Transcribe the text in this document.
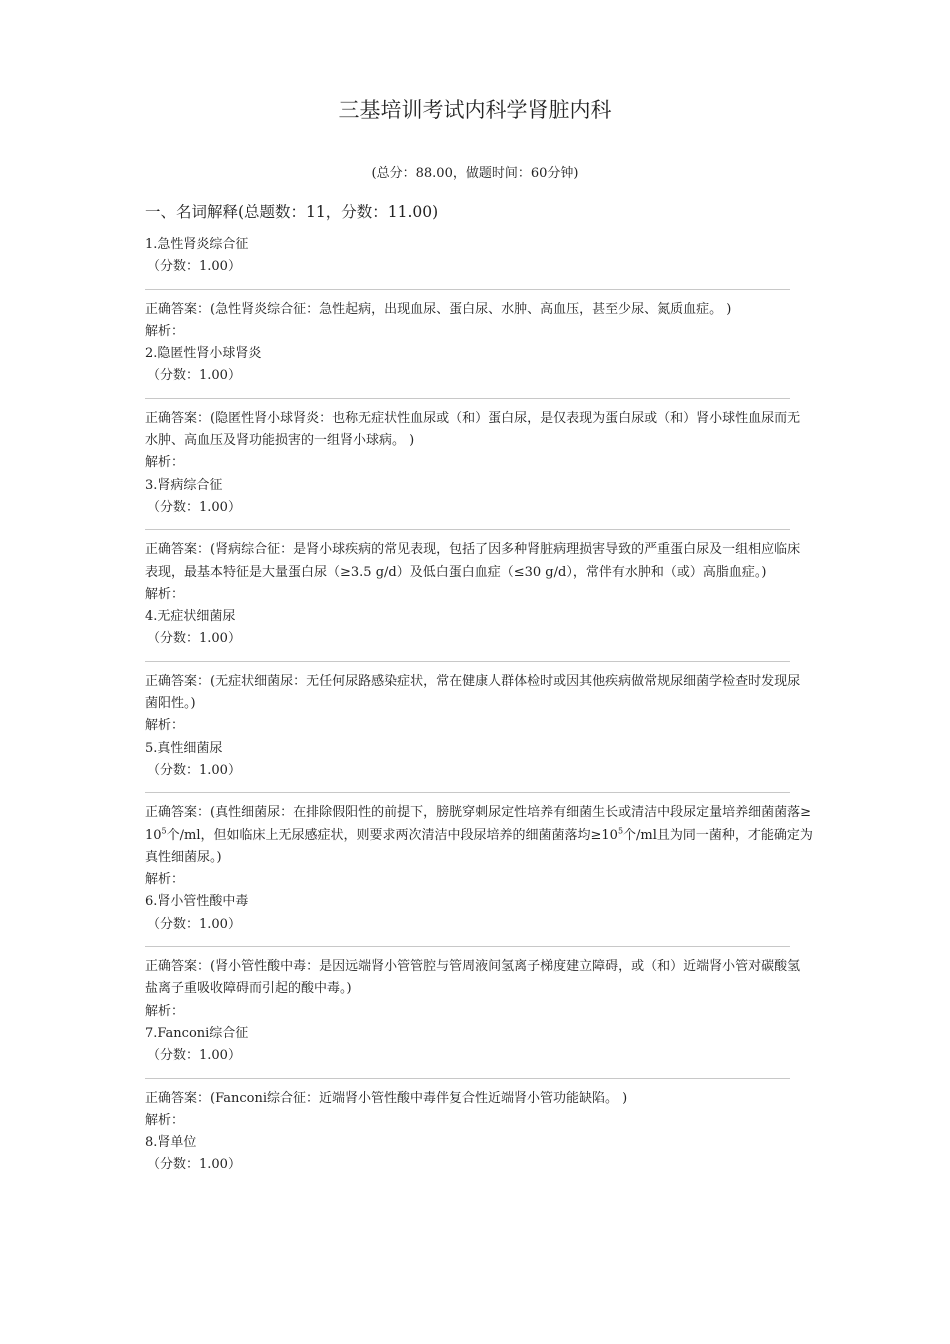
三基培训考试内科学肾脏内科
(总分：88.00，做题时间：60分钟)
一、名词解释(总题数：11，分数：11.00)
1.急性肾炎综合征
（分数：1.00）
正确答案：(急性肾炎综合征：急性起病，出现血尿、蛋白尿、水肿、高血压，甚至少尿、氮质血症。 )
解析：
2.隐匿性肾小球肾炎
（分数：1.00）
正确答案：(隐匿性肾小球肾炎：也称无症状性血尿或（和）蛋白尿，是仅表现为蛋白尿或（和）肾小球性血尿而无水肿、高血压及肾功能损害的一组肾小球病。 )
解析：
3.肾病综合征
（分数：1.00）
正确答案：(肾病综合征：是肾小球疾病的常见表现，包括了因多种肾脏病理损害导致的严重蛋白尿及一组相应临床表现，最基本特征是大量蛋白尿（≥3.5 g/d）及低白蛋白血症（≤30 g/d），常伴有水肿和（或）高脂血症。)
解析：
4.无症状细菌尿
（分数：1.00）
正确答案：(无症状细菌尿：无任何尿路感染症状，常在健康人群体检时或因其他疾病做常规尿细菌学检查时发现尿菌阳性。)
解析：
5.真性细菌尿
（分数：1.00）
正确答案：(真性细菌尿：在排除假阳性的前提下，膀胱穿刺尿定性培养有细菌生长或清洁中段尿定量培养细菌菌落$\ge 10^5$个/ml，但如临床上无尿感症状，则要求两次清洁中段尿培养的细菌菌落均$\ge 10^5$个/ml且为同一菌种，才能确定为真性细菌尿。)
解析：
6.肾小管性酸中毒
（分数：1.00）
正确答案：(肾小管性酸中毒：是因远端肾小管管腔与管周液间氢离子梯度建立障碍，或（和）近端肾小管对碳酸氢盐离子重吸收障碍而引起的酸中毒。)
解析：
7.Fanconi综合征
（分数：1.00）
正确答案：(Fanconi综合征：近端肾小管性酸中毒伴复合性近端肾小管功能缺陷。 )
解析：
8.肾单位
（分数：1.00）
